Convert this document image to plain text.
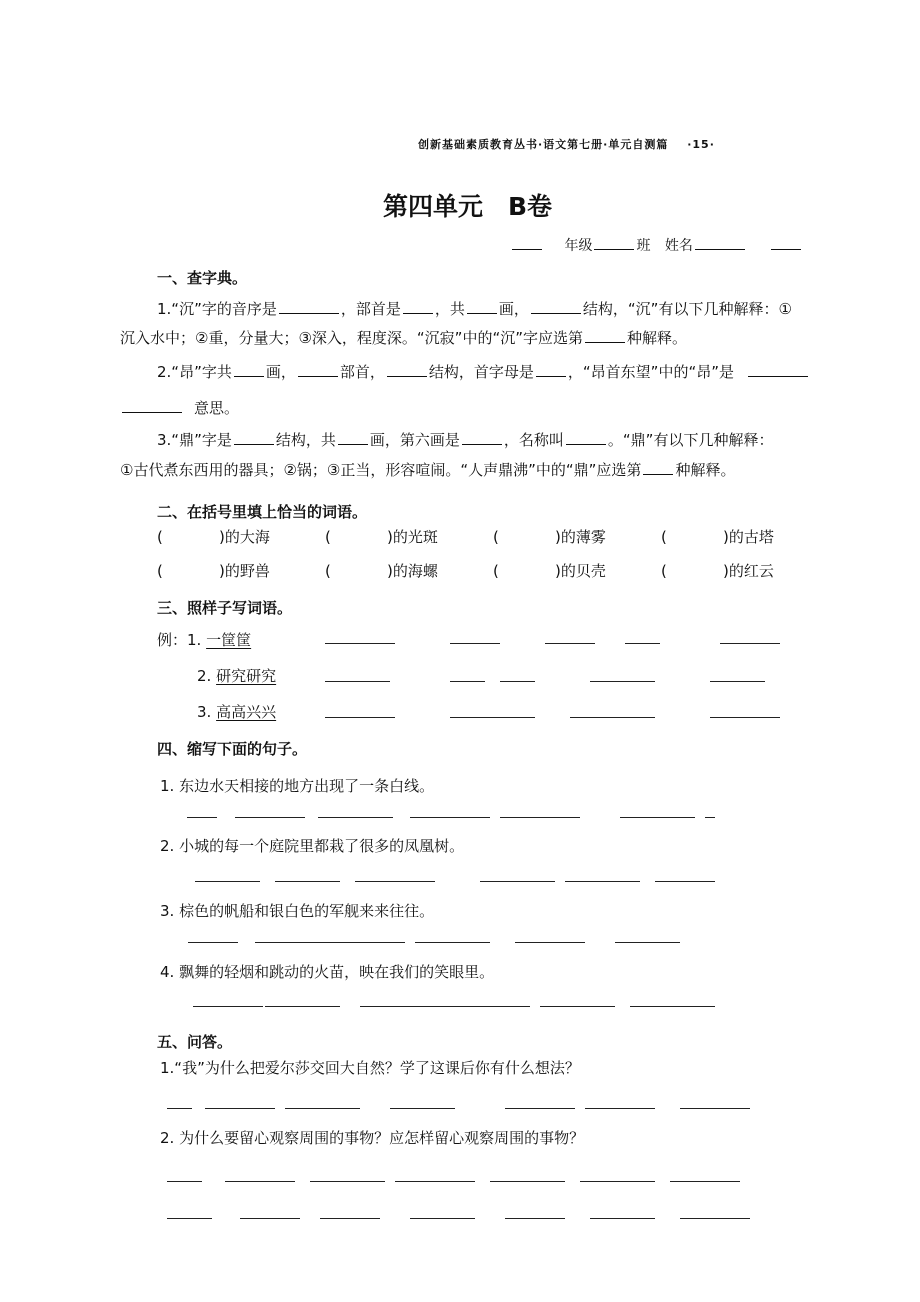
创新基础素质教育丛书·语文第七册·单元自测篇 ·15·
第四单元　B卷
年级	班 姓名
一、查字典。
1.“沉”字的音序是	，部首是 ，共 画，	结构，“沉”有以下几种解释：①
沉入水中；②重，分量大；③深入，程度深。“沉寂”中的“沉”字应选第	种解释。
2.“昂”字共 画，	部首，	结构，首字母是 ，“昂首东望”中的“昂”是
意思。
3.“鼎”字是	结构，共 画，第六画是	，名称叫	。“鼎”有以下几种解释：
①古代煮东西用的器具；②锅；③正当，形容喧闹。“人声鼎沸”中的“鼎”应选第 种解释。
二、在括号里填上恰当的词语。
(	)的大海	(	)的光斑	(	)的薄雾	(	)的古塔
(	)的野兽	(	)的海螺	(	)的贝壳	(	)的红云
三、照样子写词语。
例：1. 一筐筐
2. 研究研究
3. 高高兴兴
四、缩写下面的句子。
1. 东边水天相接的地方出现了一条白线。
2. 小城的每一个庭院里都栽了很多的凤凰树。
3. 棕色的帆船和银白色的军舰来来往往。
4. 飘舞的轻烟和跳动的火苗，映在我们的笑眼里。
五、问答。
1.“我”为什么把爱尔莎交回大自然？学了这课后你有什么想法？
2. 为什么要留心观察周围的事物？应怎样留心观察周围的事物？
